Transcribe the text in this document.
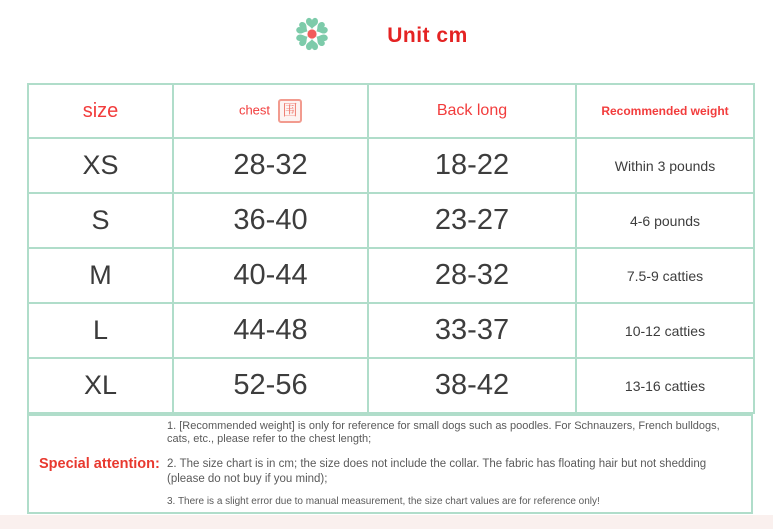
Unit cm
size	chest 围	Back long	Recommended weight
XS	28-32	18-22	Within 3 pounds
S	36-40	23-27	4-6 pounds
M	40-44	28-32	7.5-9 catties
L	44-48	33-37	10-12 catties
XL	52-56	38-42	13-16 catties
Special attention:
1. [Recommended weight] is only for reference for small dogs such as poodles. For Schnauzers, French bulldogs, cats, etc., please refer to the chest length;
2. The size chart is in cm; the size does not include the collar. The fabric has floating hair but not shedding (please do not buy if you mind);
3. There is a slight error due to manual measurement, the size chart values are for reference only!
